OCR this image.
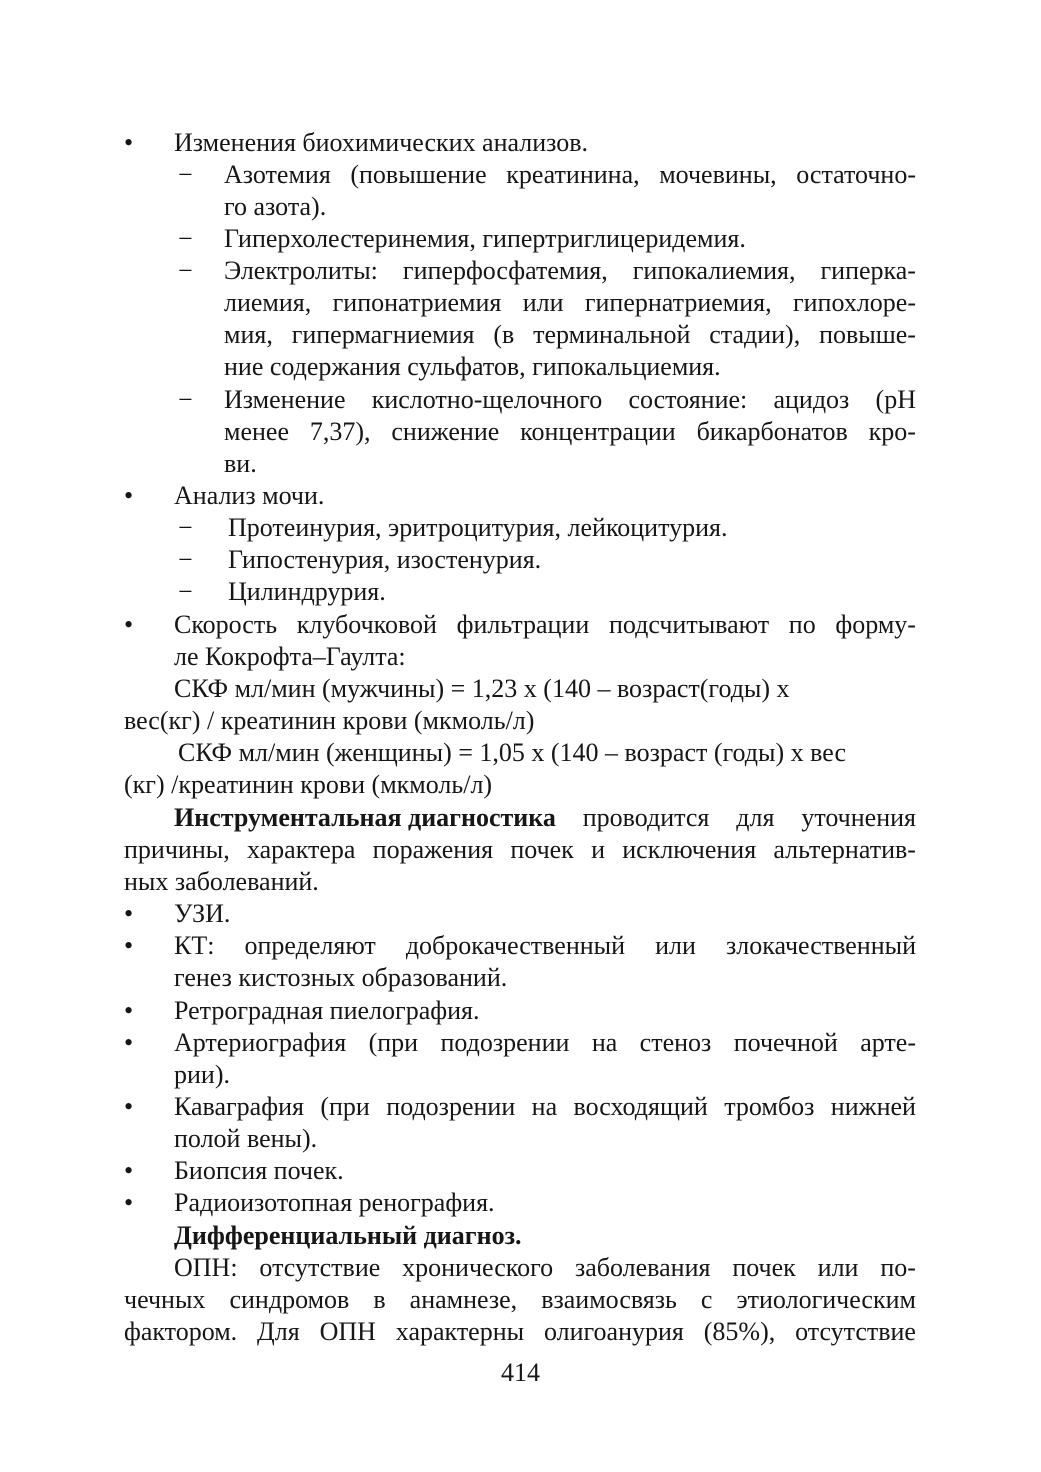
• Изменения биохимических анализов.
− Азотемия (повышение креатинина, мочевины, остаточно-
го азота).
− Гиперхолестеринемия, гипертриглицеридемия.
− Электролиты: гиперфосфатемия, гипокалиемия, гиперка-
лиемия, гипонатриемия или гипернатриемия, гипохлоре-
мия, гипермагниемия (в терминальной стадии), повыше-
ние содержания сульфатов, гипокальциемия.
− Изменение кислотно-щелочного состояние: ацидоз (pH
менее 7,37), снижение концентрации бикарбонатов кро-
ви.
• Анализ мочи.
− Протеинурия, эритроцитурия, лейкоцитурия.
− Гипостенурия, изостенурия.
− Цилиндрурия.
• Скорость клубочковой фильтрации подсчитывают по форму-
ле Кокрофта–Гаулта:
СКФ мл/мин (мужчины) = 1,23 х (140 – возраст(годы) х
вес(кг) / креатинин крови (мкмоль/л)
СКФ мл/мин (женщины) = 1,05 х (140 – возраст (годы) х вес
(кг) /креатинин крови (мкмоль/л)
Инструментальная диагностика проводится для уточнения
причины, характера поражения почек и исключения альтернатив-
ных заболеваний.
• УЗИ.
• КТ: определяют доброкачественный или злокачественный
генез кистозных образований.
• Ретроградная пиелография.
• Артериография (при подозрении на стеноз почечной арте-
рии).
• Каваграфия (при подозрении на восходящий тромбоз нижней
полой вены).
• Биопсия почек.
• Радиоизотопная ренография.
Дифференциальный диагноз.
ОПН: отсутствие хронического заболевания почек или по-
чечных синдромов в анамнезе, взаимосвязь с этиологическим
фактором. Для ОПН характерны олигоанурия (85%), отсутствие
414
